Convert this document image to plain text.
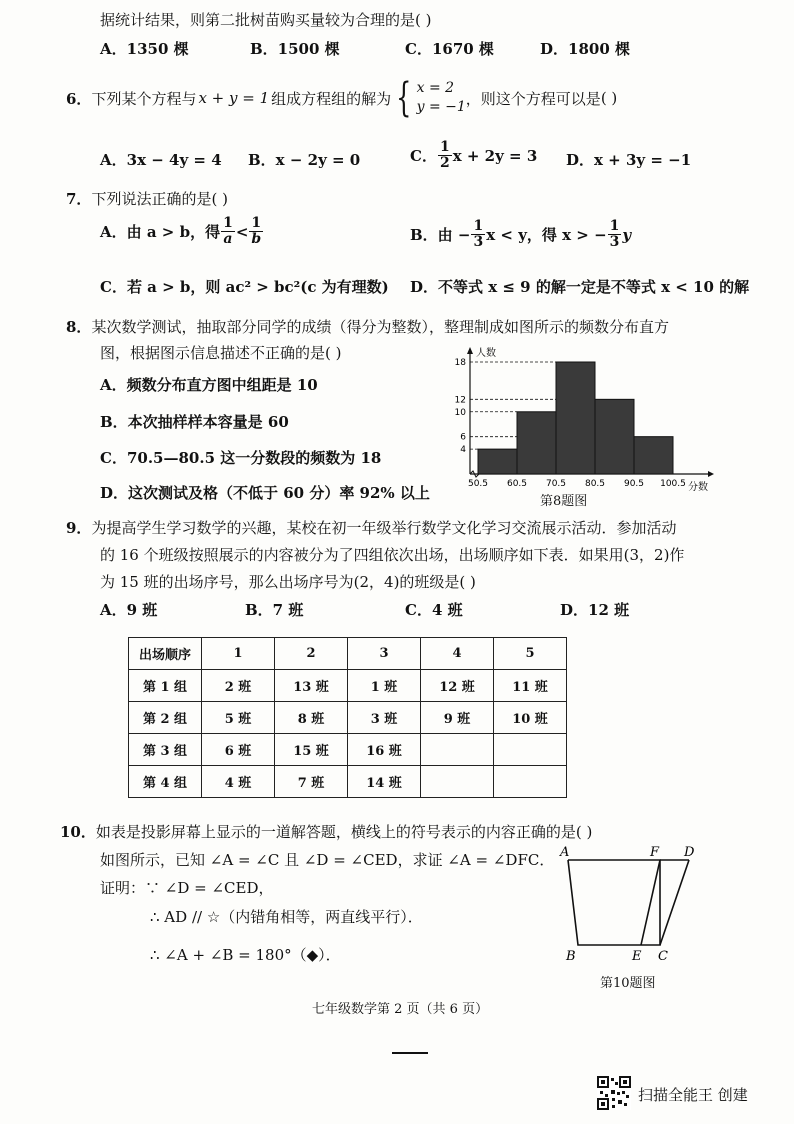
据统计结果，则第二批树苗购买量较为合理的是( )
A．1350 棵	B．1500 棵	C．1670 棵	D．1800 棵
6． 下列某个方程与 x + y = 1 组成方程组的解为 { x = 2
y = −1 ，则这个方程可以是 ( )
A．3x − 4y = 4 B．x − 2y = 0	C． $\frac{1}{2}$ x + 2y = 3 D．x + 3y = −1
7．下列说法正确的是( )
A．由 a > b，得 $\frac{1}{a} < \frac{1}{b}$	B．由 − $\frac{1}{3}$ x < y，得 x > − $\frac{1}{3}$ y
C．若 a > b，则 ac² > bc²(c 为有理数) D．不等式 x ≤ 9 的解一定是不等式 x < 10 的解
8．某次数学测试，抽取部分同学的成绩（得分为整数），整理制成如图所示的频数分布直方
图，根据图示信息描述不正确的是( )
A．频数分布直方图中组距是 10
B．本次抽样样本容量是 60
C．70.5—80.5 这一分数段的频数为 18
D．这次测试及格（不低于 60 分）率 92% 以上
人数
分数
4
6
10
12
18
50.5 60.5 70.5 80.5 90.5 100.5
第8题图
9．为提高学生学习数学的兴趣，某校在初一年级举行数学文化学习交流展示活动．参加活动
的 16 个班级按照展示的内容被分为了四组依次出场，出场顺序如下表．如果用(3，2)作
为 15 班的出场序号，那么出场序号为(2，4)的班级是( )
A．9 班	B．7 班	C．4 班	D．12 班
出场顺序	1	2	3	4	5
第 1 组	2 班	13 班	1 班	12 班	11 班
第 2 组	5 班	8 班	3 班	9 班	10 班
第 3 组	6 班	15 班	16 班		
第 4 组	4 班	7 班	14 班		
10．如表是投影屏幕上显示的一道解答题，横线上的符号表示的内容正确的是( )
如图所示，已知 ∠A = ∠C 且 ∠D = ∠CED，求证 ∠A = ∠DFC．
证明：∵ ∠D = ∠CED，
∴ AD // ☆（内错角相等，两直线平行）．
∴ ∠A + ∠B = 180°（◆）．
A	F D
B	E C
第10题图
七年级数学第 2 页（共 6 页）
扫描全能王 创建
